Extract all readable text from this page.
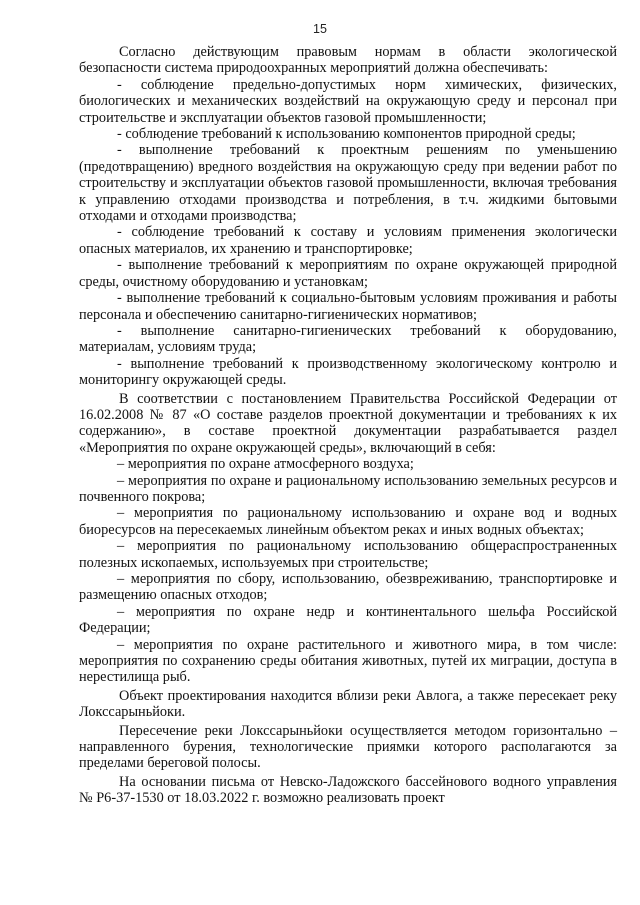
15

Согласно действующим правовым нормам в области экологической безопасности система природоохранных мероприятий должна обеспечивать:

- соблюдение предельно-допустимых норм химических, физических, биологических и механических воздействий на окружающую среду и персонал при строительстве и эксплуатации объектов газовой промышленности;

- соблюдение требований к использованию компонентов природной среды;

- выполнение требований к проектным решениям по уменьшению (предотвращению) вредного воздействия на окружающую среду при ведении работ по строительству и эксплуатации объектов газовой промышленности, включая требования к управлению отходами производства и потребления, в т.ч. жидкими бытовыми отходами и отходами производства;

- соблюдение требований к составу и условиям применения экологически опасных материалов, их хранению и транспортировке;

- выполнение требований к мероприятиям по охране окружающей природной среды, очистному оборудованию и установкам;

- выполнение требований к социально-бытовым условиям проживания и работы персонала и обеспечению санитарно-гигиенических нормативов;

- выполнение санитарно-гигиенических требований к оборудованию, материалам, условиям труда;

- выполнение требований к производственному экологическому контролю и мониторингу окружающей среды.

В соответствии с постановлением Правительства Российской Федерации от 16.02.2008 № 87 «О составе разделов проектной документации и требованиях к их содержанию», в составе проектной документации разрабатывается раздел «Мероприятия по охране окружающей среды», включающий в себя:

– мероприятия по охране атмосферного воздуха;

– мероприятия по охране и рациональному использованию земельных ресурсов и почвенного покрова;

– мероприятия по рациональному использованию и охране вод и водных биоресурсов на пересекаемых линейным объектом реках и иных водных объектах;

– мероприятия по рациональному использованию общераспространенных полезных ископаемых, используемых при строительстве;

– мероприятия по сбору, использованию, обезвреживанию, транспортировке и размещению опасных отходов;

– мероприятия по охране недр и континентального шельфа Российской Федерации;

– мероприятия по охране растительного и животного мира, в том числе: мероприятия по сохранению среды обитания животных, путей их миграции, доступа в нерестилища рыб.

Объект проектирования находится вблизи реки Авлога, а также пересекает реку Локссарыньйоки.

Пересечение реки Локссарыньйоки осуществляется методом горизонтально – направленного бурения, технологические приямки которого располагаются за пределами береговой полосы.

На основании письма от Невско-Ладожского бассейнового водного управления № Р6-37-1530 от 18.03.2022 г. возможно реализовать проект
